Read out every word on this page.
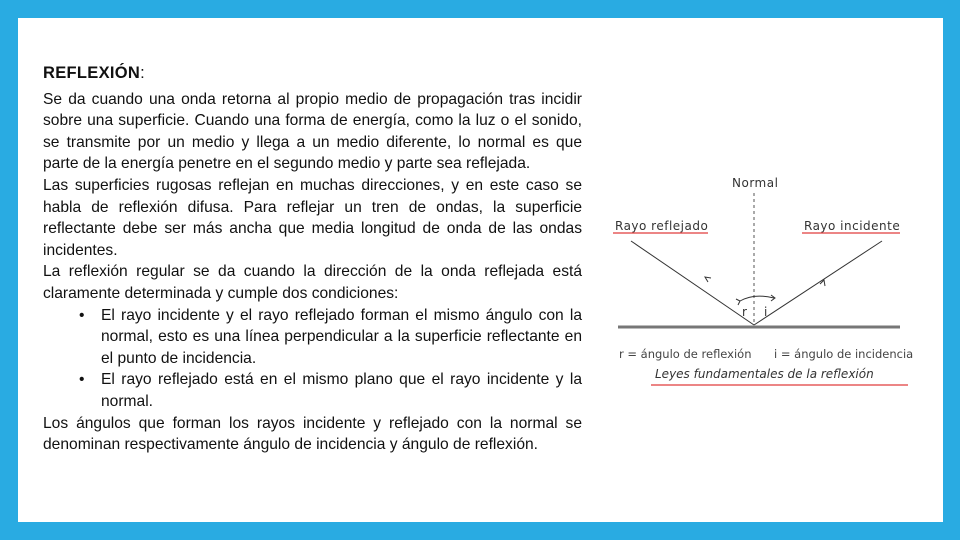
REFLEXIÓN:

Se da cuando una onda retorna al propio medio de propagación tras incidir sobre una superficie. Cuando una forma de energía, como la luz o el sonido, se transmite por un medio y llega a un medio diferente, lo normal es que parte de la energía penetre en el segundo medio y parte sea reflejada.

Las superficies rugosas reflejan en muchas direcciones, y en este caso se habla de reflexión difusa. Para reflejar un tren de ondas, la superficie reflectante debe ser más ancha que media longitud de onda de las ondas incidentes.

La reflexión regular se da cuando la dirección de la onda reflejada está claramente determinada y cumple dos condiciones:

• El rayo incidente y el rayo reflejado forman el mismo ángulo con la normal, esto es una línea perpendicular a la superficie reflectante en el punto de incidencia.
• El rayo reflejado está en el mismo plano que el rayo incidente y la normal.

Los ángulos que forman los rayos incidente y reflejado con la normal se denominan respectivamente ángulo de incidencia y ángulo de reflexión.

Normal
Rayo reflejado	Rayo incidente
r i
r = ángulo de reflexión i = ángulo de incidencia
Leyes fundamentales de la reflexión
